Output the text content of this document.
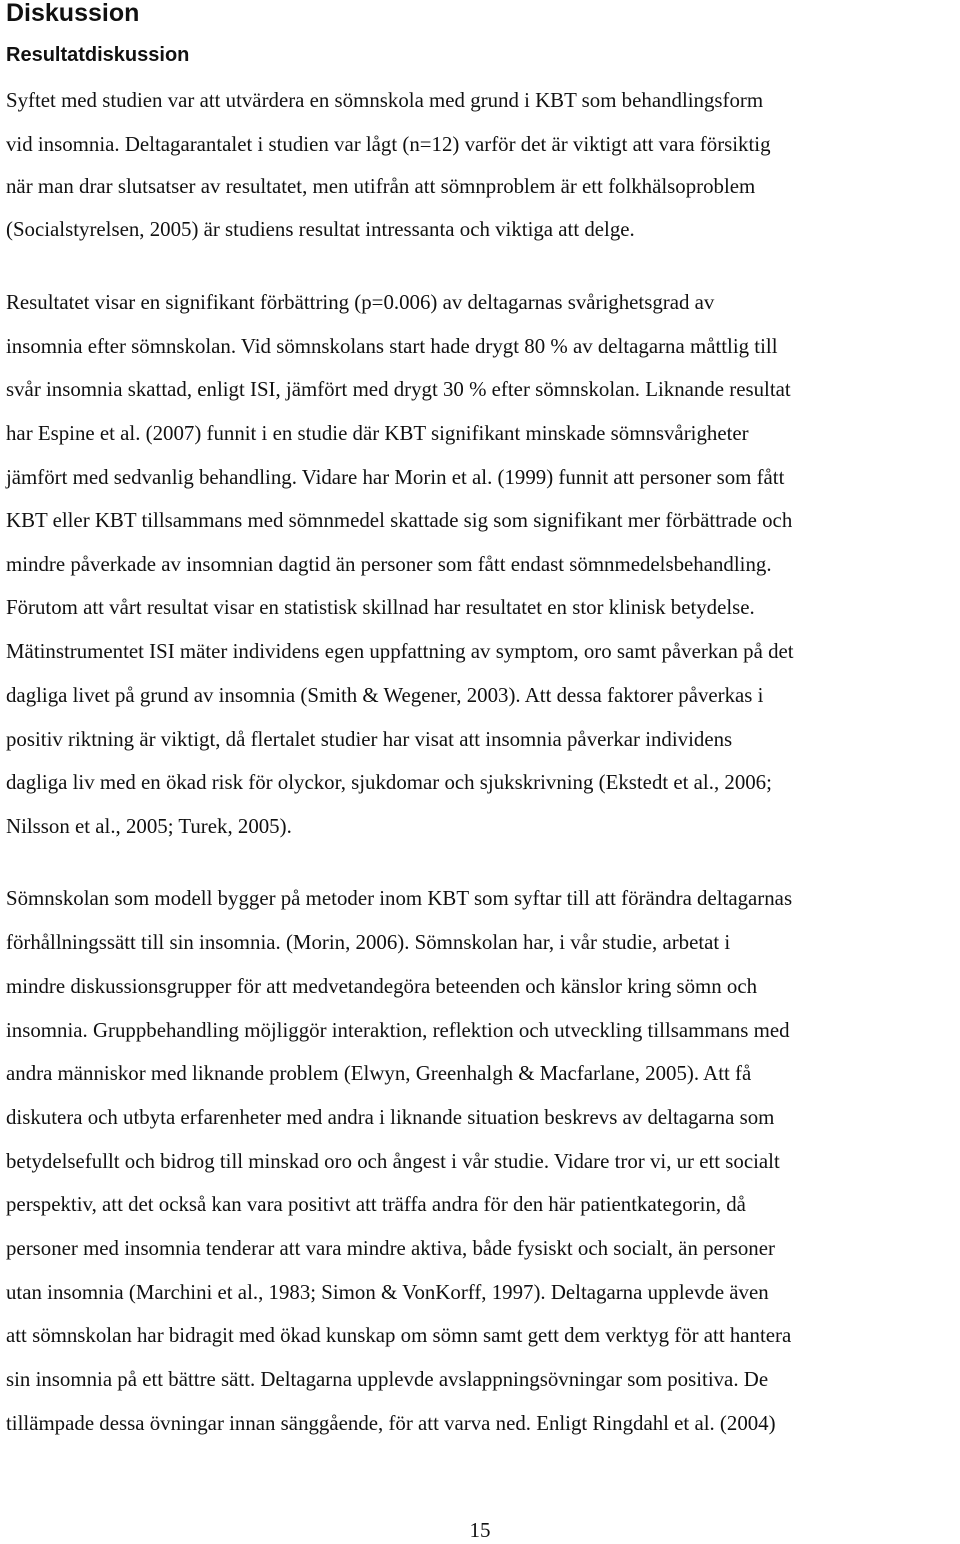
Diskussion
Resultatdiskussion

Syftet med studien var att utvärdera en sömnskola med grund i KBT som behandlingsform

vid insomnia. Deltagarantalet i studien var lågt (n=12) varför det är viktigt att vara försiktig

när man drar slutsatser av resultatet, men utifrån att sömnproblem är ett folkhälsoproblem

(Socialstyrelsen, 2005) är studiens resultat intressanta och viktiga att delge.

Resultatet visar en signifikant förbättring (p=0.006) av deltagarnas svårighetsgrad av

insomnia efter sömnskolan. Vid sömnskolans start hade drygt 80 % av deltagarna måttlig till

svår insomnia skattad, enligt ISI, jämfört med drygt 30 % efter sömnskolan. Liknande resultat

har Espine et al. (2007) funnit i en studie där KBT signifikant minskade sömnsvårigheter

jämfört med sedvanlig behandling. Vidare har Morin et al. (1999) funnit att personer som fått

KBT eller KBT tillsammans med sömnmedel skattade sig som signifikant mer förbättrade och

mindre påverkade av insomnian dagtid än personer som fått endast sömnmedelsbehandling.

Förutom att vårt resultat visar en statistisk skillnad har resultatet en stor klinisk betydelse.

Mätinstrumentet ISI mäter individens egen uppfattning av symptom, oro samt påverkan på det

dagliga livet på grund av insomnia (Smith & Wegener, 2003). Att dessa faktorer påverkas i

positiv riktning är viktigt, då flertalet studier har visat att insomnia påverkar individens

dagliga liv med en ökad risk för olyckor, sjukdomar och sjukskrivning (Ekstedt et al., 2006;

Nilsson et al., 2005; Turek, 2005).

Sömnskolan som modell bygger på metoder inom KBT som syftar till att förändra deltagarnas

förhållningssätt till sin insomnia. (Morin, 2006). Sömnskolan har, i vår studie, arbetat i

mindre diskussionsgrupper för att medvetandegöra beteenden och känslor kring sömn och

insomnia. Gruppbehandling möjliggör interaktion, reflektion och utveckling tillsammans med

andra människor med liknande problem (Elwyn, Greenhalgh & Macfarlane, 2005). Att få

diskutera och utbyta erfarenheter med andra i liknande situation beskrevs av deltagarna som

betydelsefullt och bidrog till minskad oro och ångest i vår studie. Vidare tror vi, ur ett socialt

perspektiv, att det också kan vara positivt att träffa andra för den här patientkategorin, då

personer med insomnia tenderar att vara mindre aktiva, både fysiskt och socialt, än personer

utan insomnia (Marchini et al., 1983; Simon & VonKorff, 1997). Deltagarna upplevde även

att sömnskolan har bidragit med ökad kunskap om sömn samt gett dem verktyg för att hantera

sin insomnia på ett bättre sätt. Deltagarna upplevde avslappningsövningar som positiva. De

tillämpade dessa övningar innan sänggående, för att varva ned. Enligt Ringdahl et al. (2004)

15
